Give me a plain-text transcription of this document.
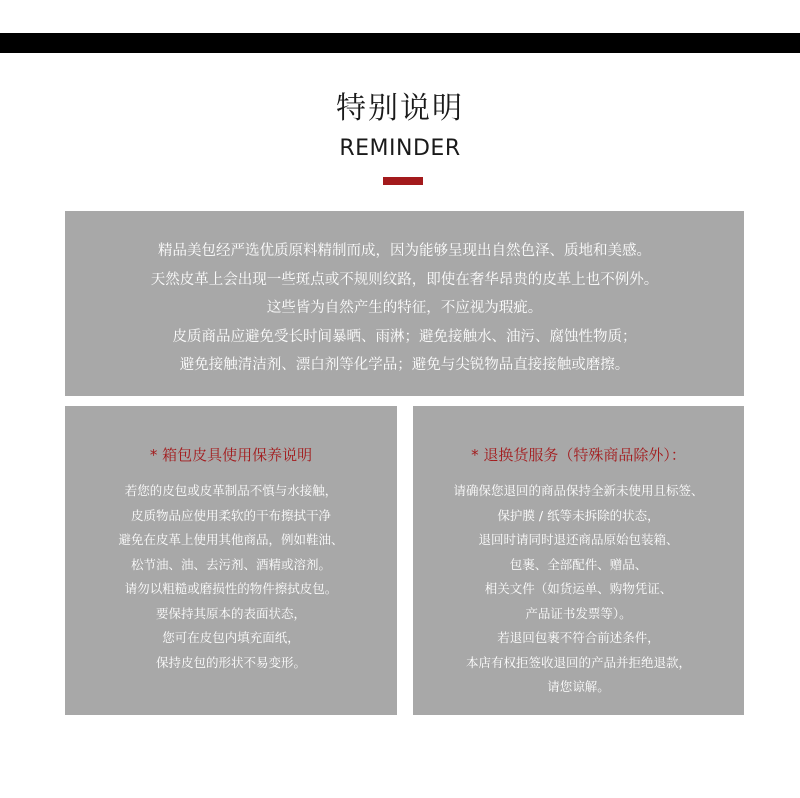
特别说明
REMINDER
精品美包经严选优质原料精制而成，因为能够呈现出自然色泽、质地和美感。
天然皮革上会出现一些斑点或不规则纹路，即使在奢华昂贵的皮革上也不例外。
这些皆为自然产生的特征，不应视为瑕疵。
皮质商品应避免受长时间暴晒、雨淋；避免接触水、油污、腐蚀性物质；
避免接触清洁剂、漂白剂等化学品；避免与尖锐物品直接接触或磨擦。
* 箱包皮具使用保养说明
若您的皮包或皮革制品不慎与水接触，
皮质物品应使用柔软的干布擦拭干净
避免在皮革上使用其他商品，例如鞋油、
松节油、油、去污剂、酒精或溶剂。
请勿以粗糙或磨损性的物件擦拭皮包。
要保持其原本的表面状态，
您可在皮包内填充面纸，
保持皮包的形状不易变形。
* 退换货服务（特殊商品除外）：
请确保您退回的商品保持全新未使用且标签、
保护膜 / 纸等未拆除的状态，
退回时请同时退还商品原始包装箱、
包裹、全部配件、赠品、
相关文件（如货运单、购物凭证、
产品证书发票等）。
若退回包裹不符合前述条件，
本店有权拒签收退回的产品并拒绝退款，
请您谅解。
